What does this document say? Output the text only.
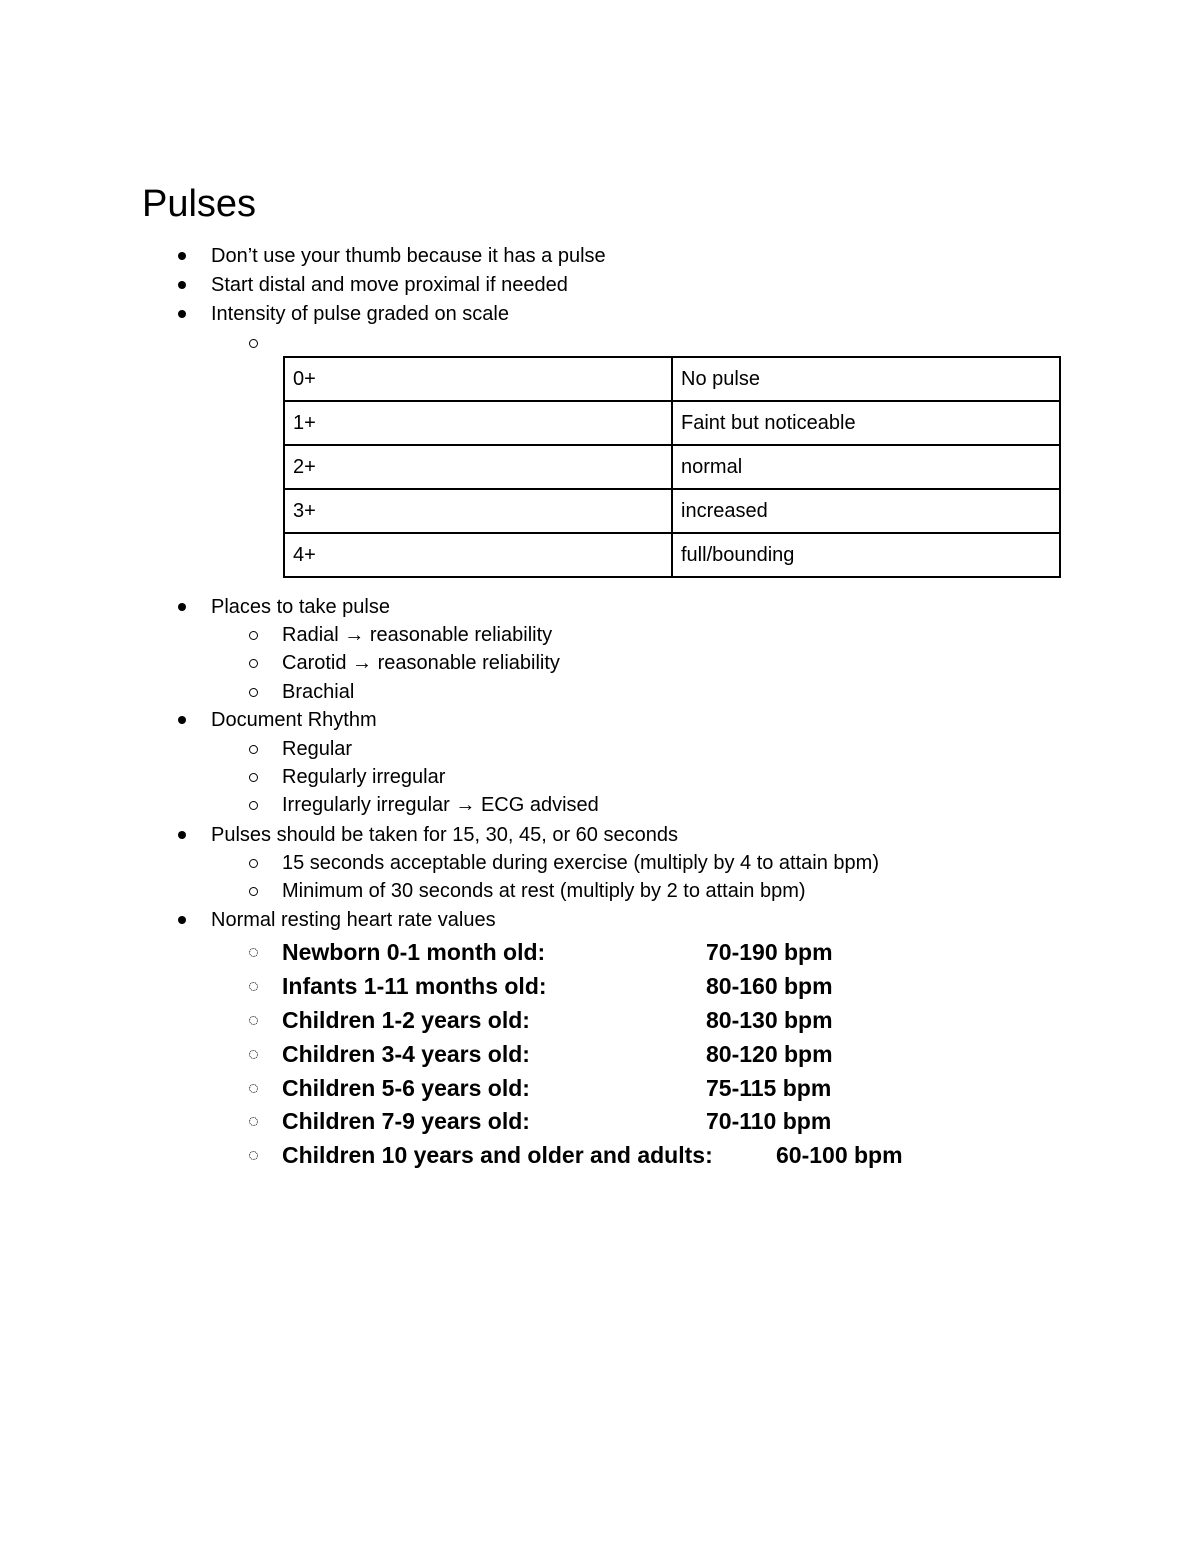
Pulses
Don’t use your thumb because it has a pulse
Start distal and move proximal if needed
Intensity of pulse graded on scale
0+	No pulse
1+	Faint but noticeable
2+	normal
3+	increased
4+	full/bounding
Places to take pulse
Radial → reasonable reliability
Carotid → reasonable reliability
Brachial
Document Rhythm
Regular
Regularly irregular
Irregularly irregular → ECG advised
Pulses should be taken for 15, 30, 45, or 60 seconds
15 seconds acceptable during exercise (multiply by 4 to attain bpm)
Minimum of 30 seconds at rest (multiply by 2 to attain bpm)
Normal resting heart rate values
Newborn 0-1 month old:	70-190 bpm
Infants 1-11 months old:	80-160 bpm
Children 1-2 years old:	80-130 bpm
Children 3-4 years old:	80-120 bpm
Children 5-6 years old:	75-115 bpm
Children 7-9 years old:	70-110 bpm
Children 10 years and older and adults:	60-100 bpm
